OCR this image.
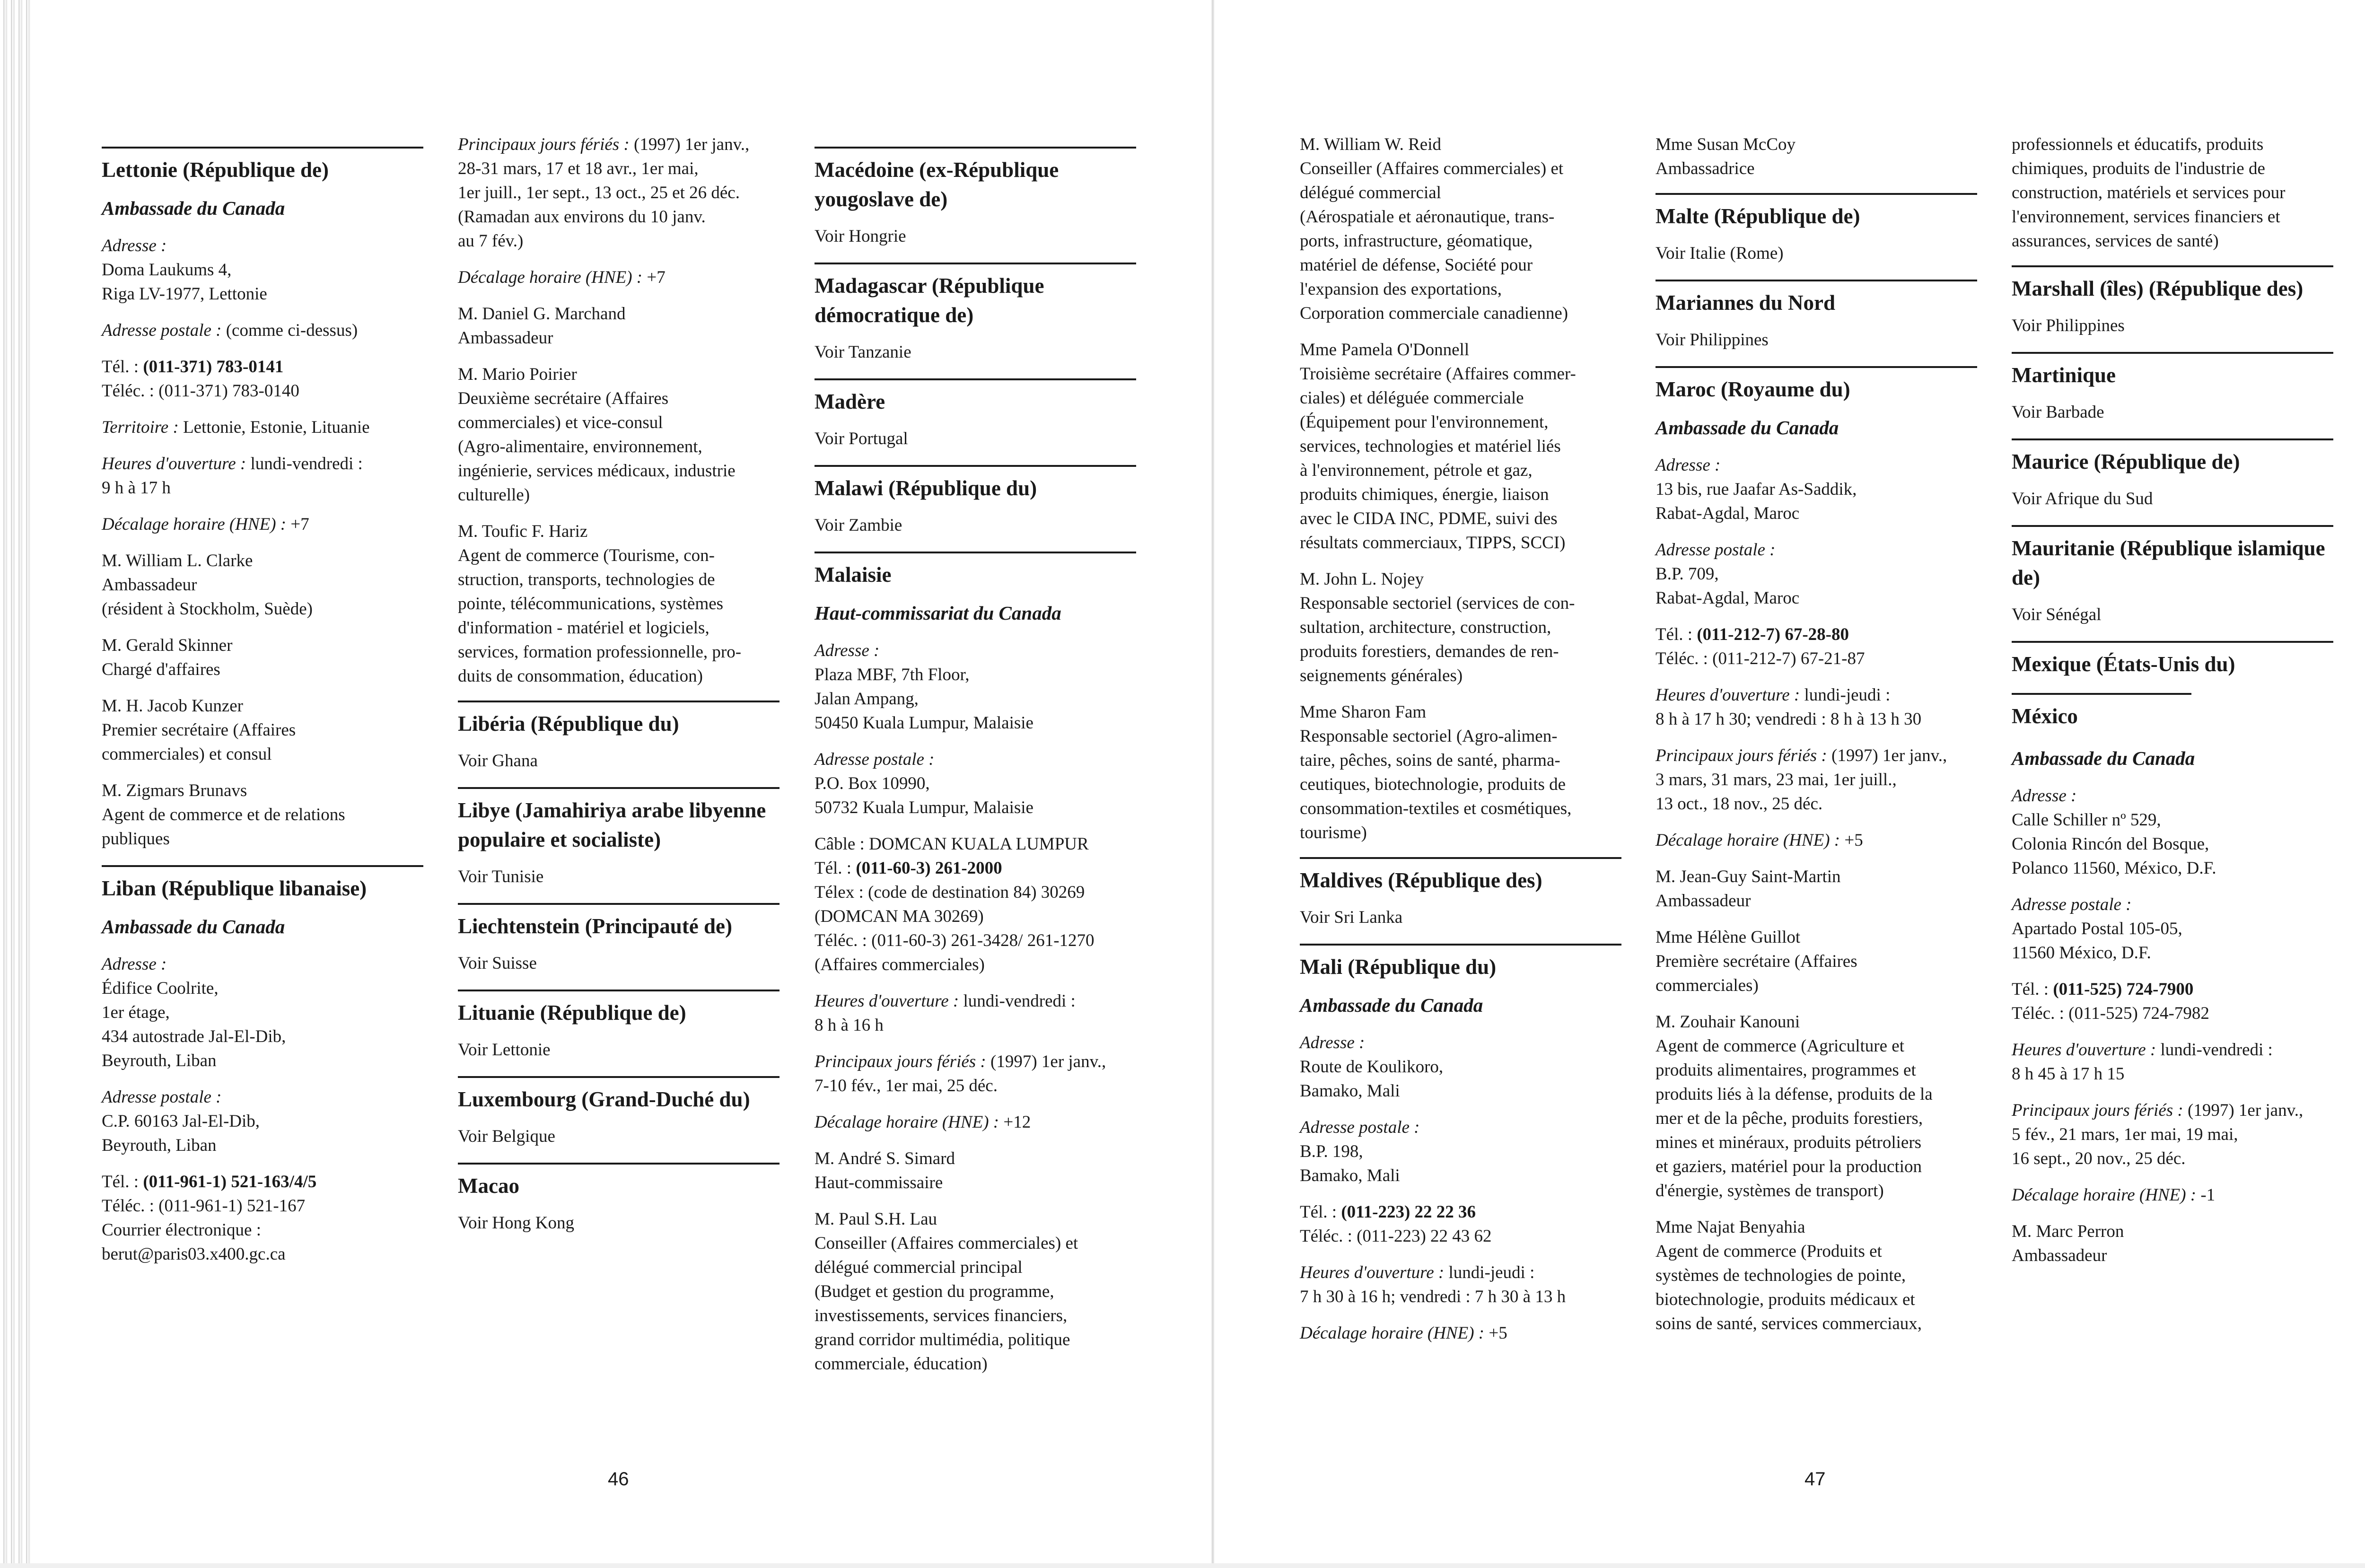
Lettonie (République de)
Ambassade du Canada

Adresse :
Doma Laukums 4,
Riga LV-1977, Lettonie

Adresse postale : (comme ci-dessus)

Tél. : (011-371) 783-0141
Téléc. : (011-371) 783-0140

Territoire : Lettonie, Estonie, Lituanie

Heures d'ouverture : lundi-vendredi :
9 h à 17 h

Décalage horaire (HNE) : +7

M. William L. Clarke
Ambassadeur
(résident à Stockholm, Suède)

M. Gerald Skinner
Chargé d'affaires

M. H. Jacob Kunzer
Premier secrétaire (Affaires
commerciales) et consul

M. Zigmars Brunavs
Agent de commerce et de relations
publiques

Liban (République libanaise)
Ambassade du Canada

Adresse :
Édifice Coolrite,
1er étage,
434 autostrade Jal-El-Dib,
Beyrouth, Liban

Adresse postale :
C.P. 60163 Jal-El-Dib,
Beyrouth, Liban

Tél. : (011-961-1) 521-163/4/5
Téléc. : (011-961-1) 521-167
Courrier électronique :
berut@paris03.x400.gc.ca

Principaux jours fériés : (1997) 1er janv.,
28-31 mars, 17 et 18 avr., 1er mai,
1er juill., 1er sept., 13 oct., 25 et 26 déc.
(Ramadan aux environs du 10 janv.
au 7 fév.)

Décalage horaire (HNE) : +7

M. Daniel G. Marchand
Ambassadeur

M. Mario Poirier
Deuxième secrétaire (Affaires
commerciales) et vice-consul
(Agro-alimentaire, environnement,
ingénierie, services médicaux, industrie
culturelle)

M. Toufic F. Hariz
Agent de commerce (Tourisme, con-
struction, transports, technologies de
pointe, télécommunications, systèmes
d'information - matériel et logiciels,
services, formation professionnelle, pro-
duits de consommation, éducation)

Libéria (République du)

Voir Ghana

Libye (Jamahiriya arabe libyenne populaire et socialiste)

Voir Tunisie

Liechtenstein (Principauté de)

Voir Suisse

Lituanie (République de)

Voir Lettonie

Luxembourg (Grand-Duché du)

Voir Belgique

Macao

Voir Hong Kong

Macédoine (ex-République yougoslave de)

Voir Hongrie

Madagascar (République démocratique de)

Voir Tanzanie

Madère

Voir Portugal

Malawi (République du)

Voir Zambie

Malaisie
Haut-commissariat du Canada

Adresse :
Plaza MBF, 7th Floor,
Jalan Ampang,
50450 Kuala Lumpur, Malaisie

Adresse postale :
P.O. Box 10990,
50732 Kuala Lumpur, Malaisie

Câble : DOMCAN KUALA LUMPUR
Tél. : (011-60-3) 261-2000
Télex : (code de destination 84) 30269
(DOMCAN MA 30269)
Téléc. : (011-60-3) 261-3428/ 261-1270
(Affaires commerciales)

Heures d'ouverture : lundi-vendredi :
8 h à 16 h

Principaux jours fériés : (1997) 1er janv.,
7-10 fév., 1er mai, 25 déc.

Décalage horaire (HNE) : +12

M. André S. Simard
Haut-commissaire

M. Paul S.H. Lau
Conseiller (Affaires commerciales) et
délégué commercial principal
(Budget et gestion du programme,
investissements, services financiers,
grand corridor multimédia, politique
commerciale, éducation)

M. William W. Reid
Conseiller (Affaires commerciales) et
délégué commercial
(Aérospatiale et aéronautique, trans-
ports, infrastructure, géomatique,
matériel de défense, Société pour
l'expansion des exportations,
Corporation commerciale canadienne)

Mme Pamela O'Donnell
Troisième secrétaire (Affaires commer-
ciales) et déléguée commerciale
(Équipement pour l'environnement,
services, technologies et matériel liés
à l'environnement, pétrole et gaz,
produits chimiques, énergie, liaison
avec le CIDA INC, PDME, suivi des
résultats commerciaux, TIPPS, SCCI)

M. John L. Nojey
Responsable sectoriel (services de con-
sultation, architecture, construction,
produits forestiers, demandes de ren-
seignements générales)

Mme Sharon Fam
Responsable sectoriel (Agro-alimen-
taire, pêches, soins de santé, pharma-
ceutiques, biotechnologie, produits de
consommation-textiles et cosmétiques,
tourisme)

Maldives (République des)

Voir Sri Lanka

Mali (République du)
Ambassade du Canada

Adresse :
Route de Koulikoro,
Bamako, Mali

Adresse postale :
B.P. 198,
Bamako, Mali

Tél. : (011-223) 22 22 36
Téléc. : (011-223) 22 43 62

Heures d'ouverture : lundi-jeudi :
7 h 30 à 16 h; vendredi : 7 h 30 à 13 h

Décalage horaire (HNE) : +5

Mme Susan McCoy
Ambassadrice

Malte (République de)

Voir Italie (Rome)

Mariannes du Nord

Voir Philippines

Maroc (Royaume du)
Ambassade du Canada

Adresse :
13 bis, rue Jaafar As-Saddik,
Rabat-Agdal, Maroc

Adresse postale :
B.P. 709,
Rabat-Agdal, Maroc

Tél. : (011-212-7) 67-28-80
Téléc. : (011-212-7) 67-21-87

Heures d'ouverture : lundi-jeudi :
8 h à 17 h 30; vendredi : 8 h à 13 h 30

Principaux jours fériés : (1997) 1er janv.,
3 mars, 31 mars, 23 mai, 1er juill.,
13 oct., 18 nov., 25 déc.

Décalage horaire (HNE) : +5

M. Jean-Guy Saint-Martin
Ambassadeur

Mme Hélène Guillot
Première secrétaire (Affaires
commerciales)

M. Zouhair Kanouni
Agent de commerce (Agriculture et
produits alimentaires, programmes et
produits liés à la défense, produits de la
mer et de la pêche, produits forestiers,
mines et minéraux, produits pétroliers
et gaziers, matériel pour la production
d'énergie, systèmes de transport)

Mme Najat Benyahia
Agent de commerce (Produits et
systèmes de technologies de pointe,
biotechnologie, produits médicaux et
soins de santé, services commerciaux,

professionnels et éducatifs, produits
chimiques, produits de l'industrie de
construction, matériels et services pour
l'environnement, services financiers et
assurances, services de santé)

Marshall (îles) (République des)

Voir Philippines

Martinique

Voir Barbade

Maurice (République de)

Voir Afrique du Sud

Mauritanie (République islamique de)

Voir Sénégal

Mexique (États-Unis du)
México
Ambassade du Canada

Adresse :
Calle Schiller nº 529,
Colonia Rincón del Bosque,
Polanco 11560, México, D.F.

Adresse postale :
Apartado Postal 105-05,
11560 México, D.F.

Tél. : (011-525) 724-7900
Téléc. : (011-525) 724-7982

Heures d'ouverture : lundi-vendredi :
8 h 45 à 17 h 15

Principaux jours fériés : (1997) 1er janv.,
5 fév., 21 mars, 1er mai, 19 mai,
16 sept., 20 nov., 25 déc.

Décalage horaire (HNE) : -1

M. Marc Perron
Ambassadeur

46	47
